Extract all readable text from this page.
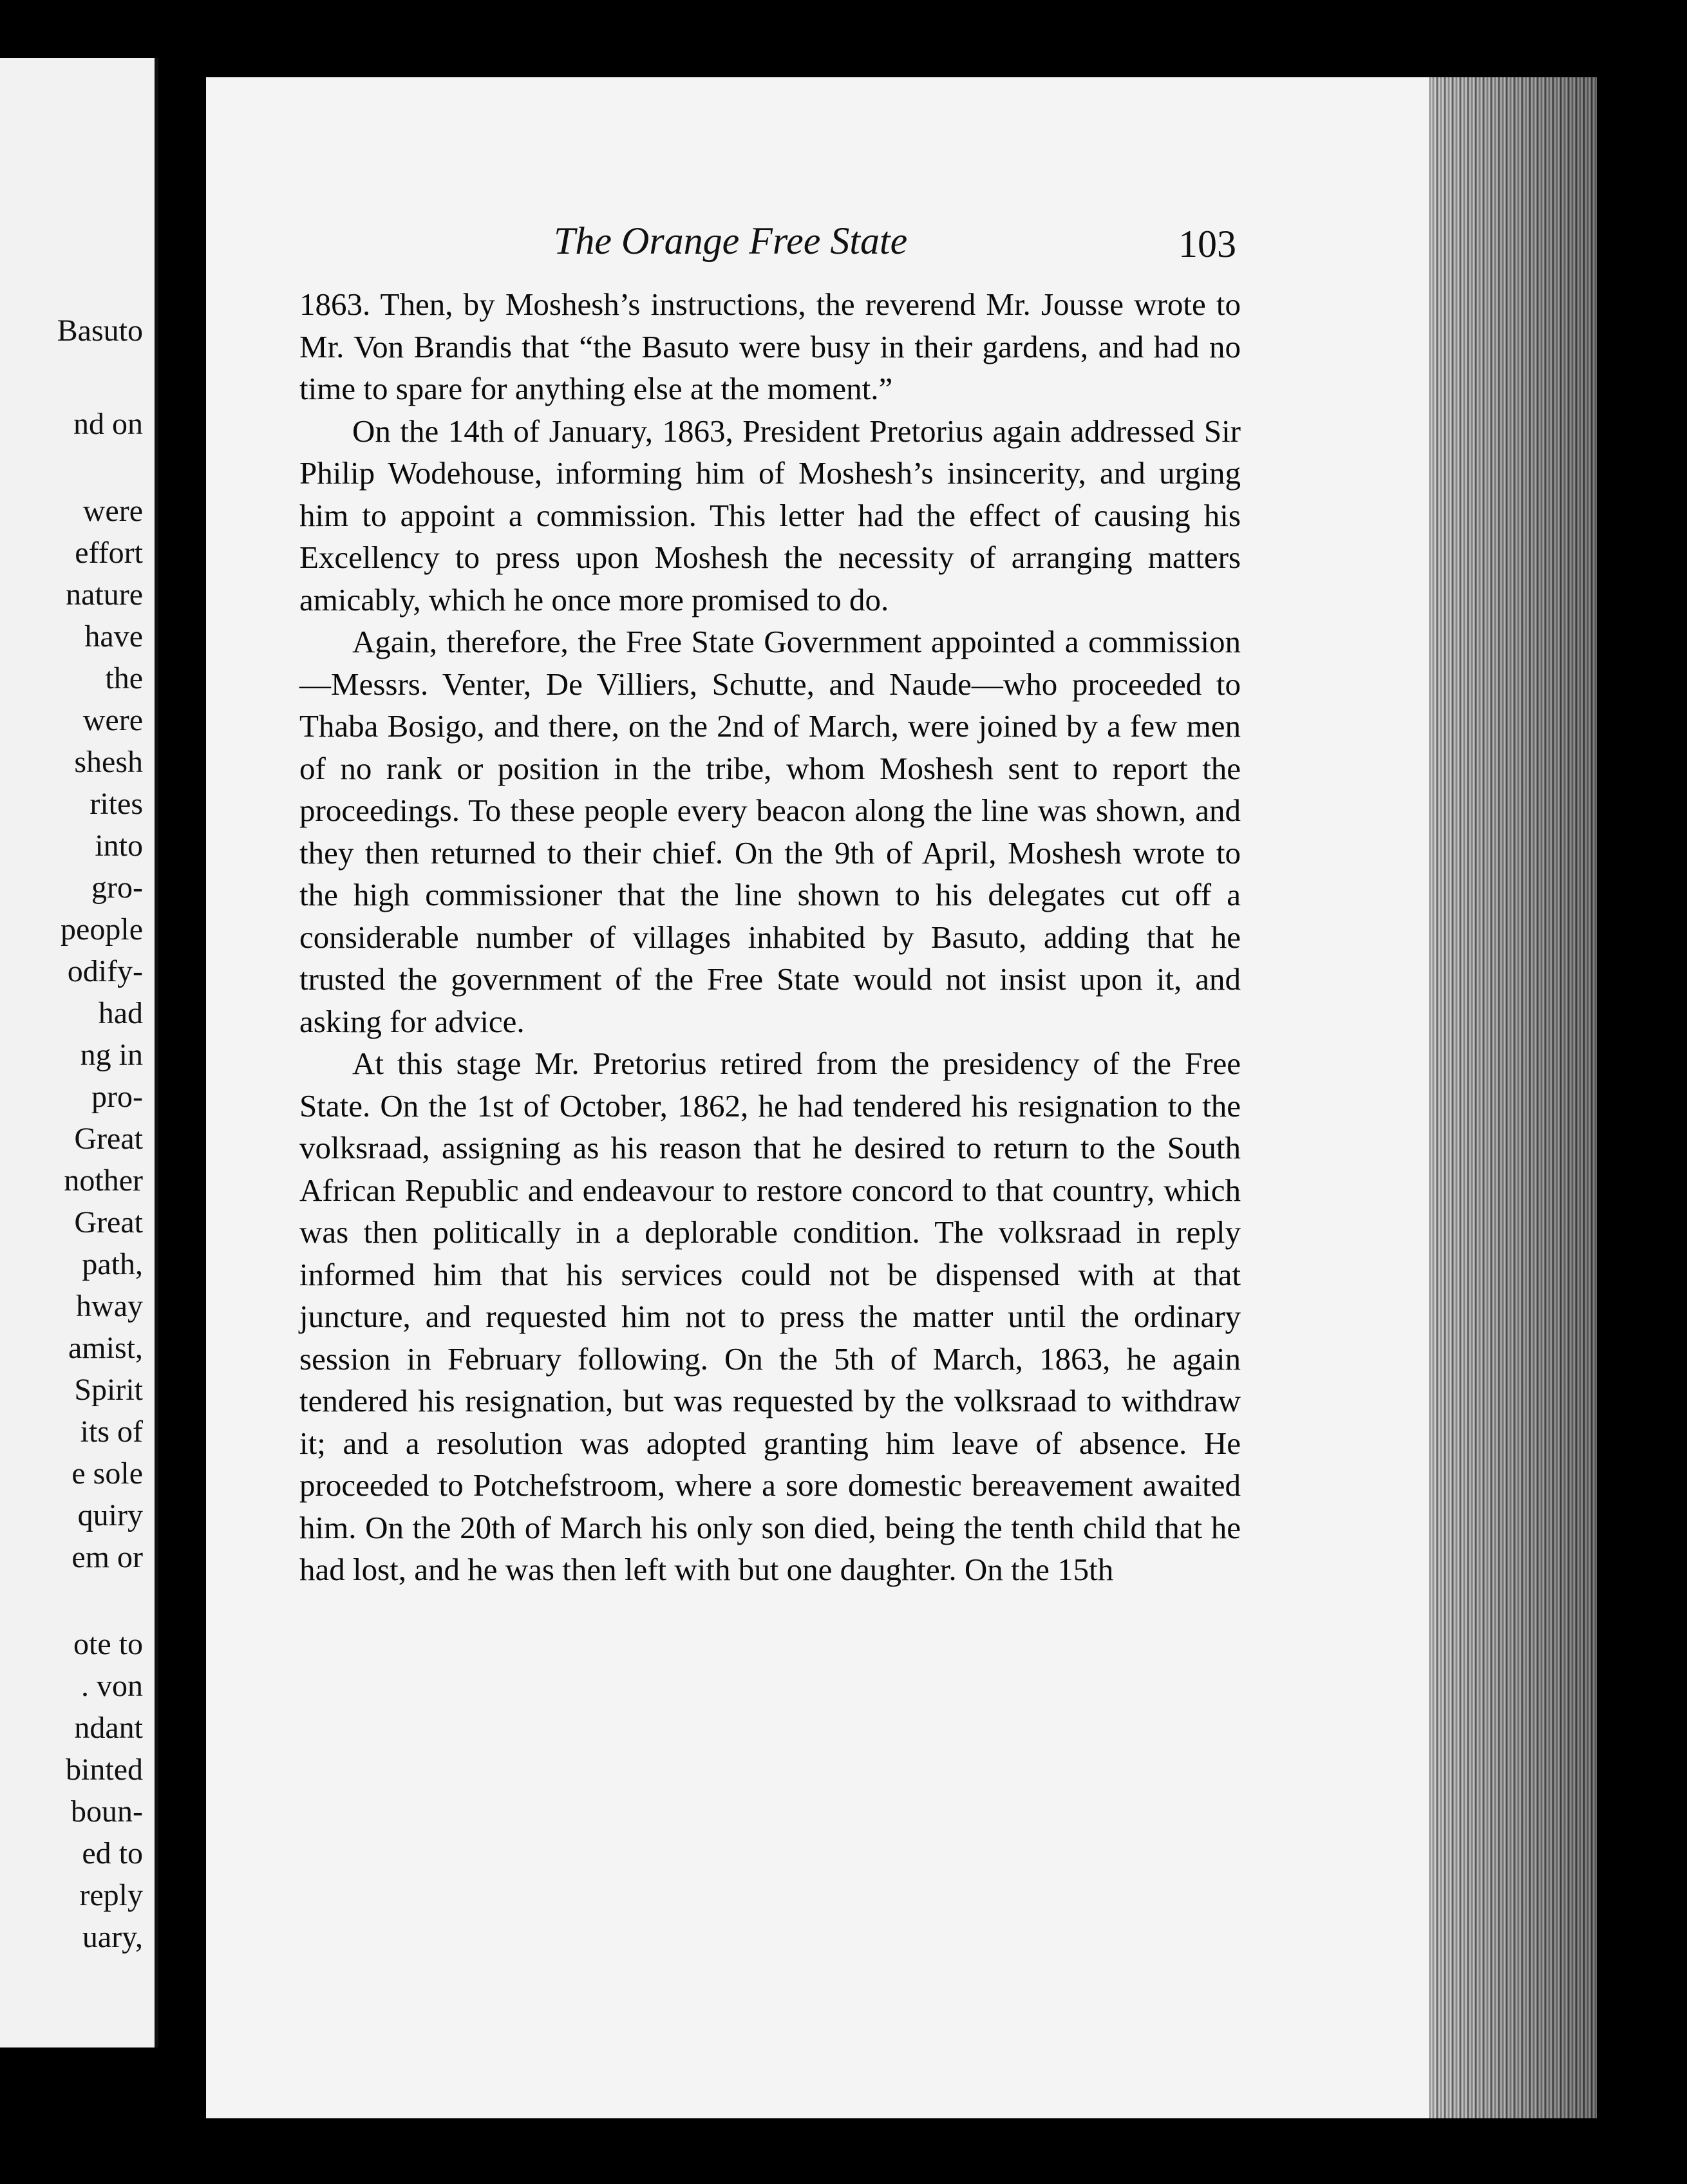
Basuto

nd on

were

effort

nature

have

the

were

shesh

rites

into

gro-

people

odify-

had

ng in

pro-

Great

nother

Great

path,

hway

amist,

Spirit

its of

e sole

quiry

em or

ote to

. von

ndant

binted

boun-

ed to

reply

uary,

The Orange Free State	103

1863. Then, by Moshesh’s instructions, the reverend Mr. Jousse wrote to Mr. Von Brandis that “the Basuto were busy in their gardens, and had no time to spare for anything else at the moment.”

On the 14th of January, 1863, President Pretorius again addressed Sir Philip Wodehouse, informing him of Moshesh’s insincerity, and urging him to appoint a commission. This letter had the effect of causing his Excellency to press upon Moshesh the necessity of arranging matters amicably, which he once more promised to do.

Again, therefore, the Free State Government appointed a commission—Messrs. Venter, De Villiers, Schutte, and Naude—who proceeded to Thaba Bosigo, and there, on the 2nd of March, were joined by a few men of no rank or position in the tribe, whom Moshesh sent to report the proceedings. To these people every beacon along the line was shown, and they then returned to their chief. On the 9th of April, Moshesh wrote to the high commissioner that the line shown to his delegates cut off a considerable number of villages inhabited by Basuto, adding that he trusted the government of the Free State would not insist upon it, and asking for advice.

At this stage Mr. Pretorius retired from the presidency of the Free State. On the 1st of October, 1862, he had tendered his resignation to the volksraad, assigning as his reason that he desired to return to the South African Republic and endeavour to restore concord to that country, which was then politically in a deplorable condition. The volksraad in reply informed him that his services could not be dispensed with at that juncture, and requested him not to press the matter until the ordinary session in February following. On the 5th of March, 1863, he again tendered his resignation, but was requested by the volksraad to withdraw it; and a resolution was adopted granting him leave of absence. He proceeded to Potchefstroom, where a sore domestic bereavement awaited him. On the 20th of March his only son died, being the tenth child that he had lost, and he was then left with but one daughter. On the 15th
